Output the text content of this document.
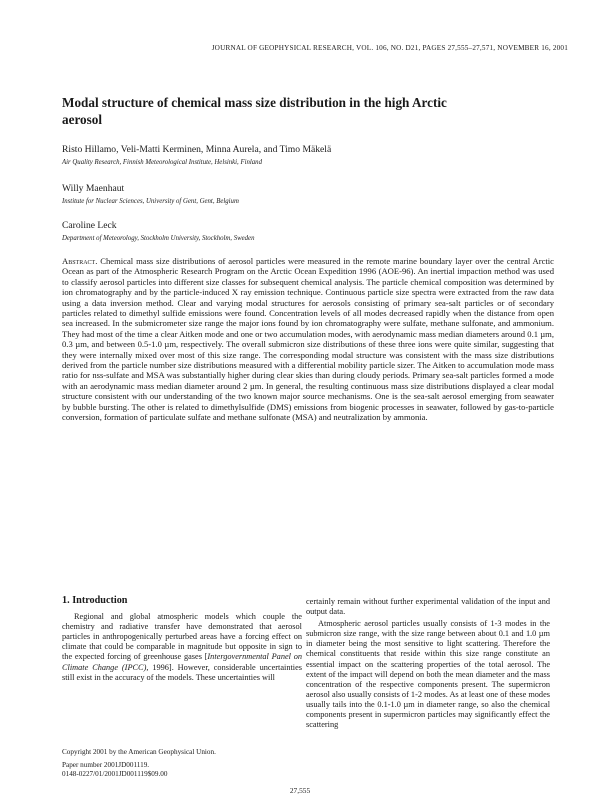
JOURNAL OF GEOPHYSICAL RESEARCH, VOL. 106, NO. D21, PAGES 27,555–27,571, NOVEMBER 16, 2001
Modal structure of chemical mass size distribution in the high Arctic aerosol
Risto Hillamo, Veli-Matti Kerminen, Minna Aurela, and Timo Mäkelä
Air Quality Research, Finnish Meteorological Institute, Helsinki, Finland
Willy Maenhaut
Institute for Nuclear Sciences, University of Gent, Gent, Belgium
Caroline Leck
Department of Meteorology, Stockholm University, Stockholm, Sweden

Abstract. Chemical mass size distributions of aerosol particles were measured in the remote marine boundary layer over the central Arctic Ocean as part of the Atmospheric Research Program on the Arctic Ocean Expedition 1996 (AOE-96). An inertial impaction method was used to classify aerosol particles into different size classes for subsequent chemical analysis. The particle chemical composition was determined by ion chromatography and by the particle-induced X ray emission technique. Continuous particle size spectra were extracted from the raw data using a data inversion method. Clear and varying modal structures for aerosols consisting of primary sea-salt particles or of secondary particles related to dimethyl sulfide emissions were found. Concentration levels of all modes decreased rapidly when the distance from open sea increased. In the submicrometer size range the major ions found by ion chromatography were sulfate, methane sulfonate, and ammonium. They had most of the time a clear Aitken mode and one or two accumulation modes, with aerodynamic mass median diameters around 0.1 µm, 0.3 µm, and between 0.5-1.0 µm, respectively. The overall submicron size distributions of these three ions were quite similar, suggesting that they were internally mixed over most of this size range. The corresponding modal structure was consistent with the mass size distributions derived from the particle number size distributions measured with a differential mobility particle sizer. The Aitken to accumulation mode mass ratio for nss-sulfate and MSA was substantially higher during clear skies than during cloudy periods. Primary sea-salt particles formed a mode with an aerodynamic mass median diameter around 2 µm. In general, the resulting continuous mass size distributions displayed a clear modal structure consistent with our understanding of the two known major source mechanisms. One is the sea-salt aerosol emerging from seawater by bubble bursting. The other is related to dimethylsulfide (DMS) emissions from biogenic processes in seawater, followed by gas-to-particle conversion, formation of particulate sulfate and methane sulfonate (MSA) and neutralization by ammonia.

1. Introduction

Regional and global atmospheric models which couple the chemistry and radiative transfer have demonstrated that aerosol particles in anthropogenically perturbed areas have a forcing effect on climate that could be comparable in magnitude but opposite in sign to the expected forcing of greenhouse gases [Intergovernmental Panel on Climate Change (IPCC), 1996]. However, considerable uncertainties still exist in the accuracy of the models. These uncertainties will

certainly remain without further experimental validation of the input and output data.

Atmospheric aerosol particles usually consists of 1-3 modes in the submicron size range, with the size range between about 0.1 and 1.0 µm in diameter being the most sensitive to light scattering. Therefore the chemical constituents that reside within this size range constitute an essential impact on the scattering properties of the total aerosol. The extent of the impact will depend on both the mean diameter and the mass concentration of the respective components present. The supermicron aerosol also usually consists of 1-2 modes. As at least one of these modes usually tails into the 0.1-1.0 µm in diameter range, so also the chemical components present in supermicron particles may significantly effect the scattering

Copyright 2001 by the American Geophysical Union.
Paper number 2001JD001119.
0148-0227/01/2001JD001119$09.00
27,555
